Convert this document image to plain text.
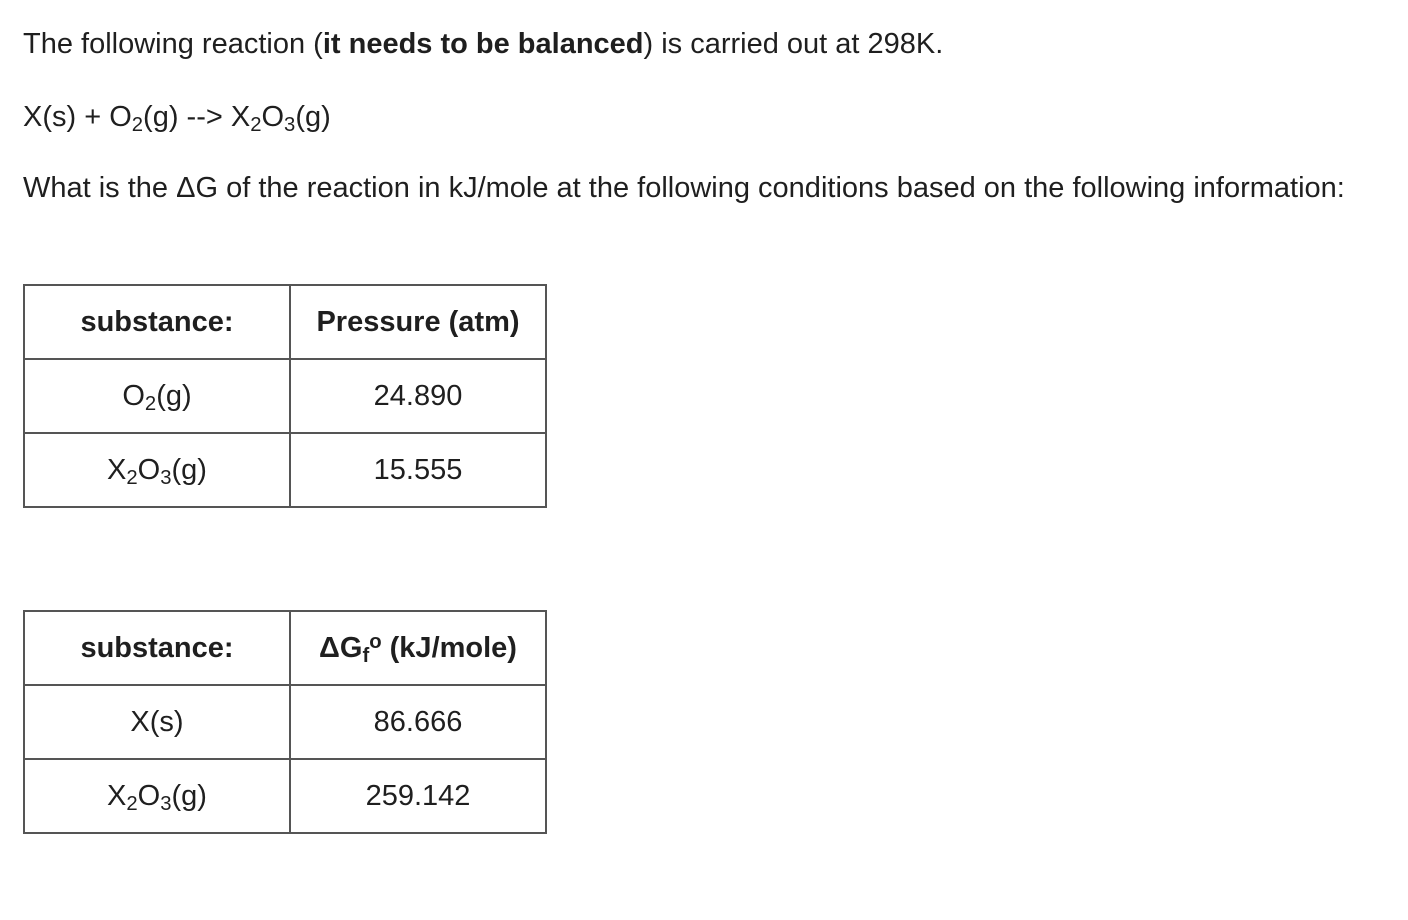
The following reaction (it needs to be balanced) is carried out at 298K.
$X(s) + O_2(g)$ --> $X_2O_3(g)$
What is the ΔG of the reaction in kJ/mole at the following conditions based on the following information:
substance:	Pressure (atm)
$O_2(g)$	24.890
$X_2O_3(g)$	15.555
substance:	$\Delta G_f^o$ (kJ/mole)
X(s)	86.666
$X_2O_3(g)$	259.142
